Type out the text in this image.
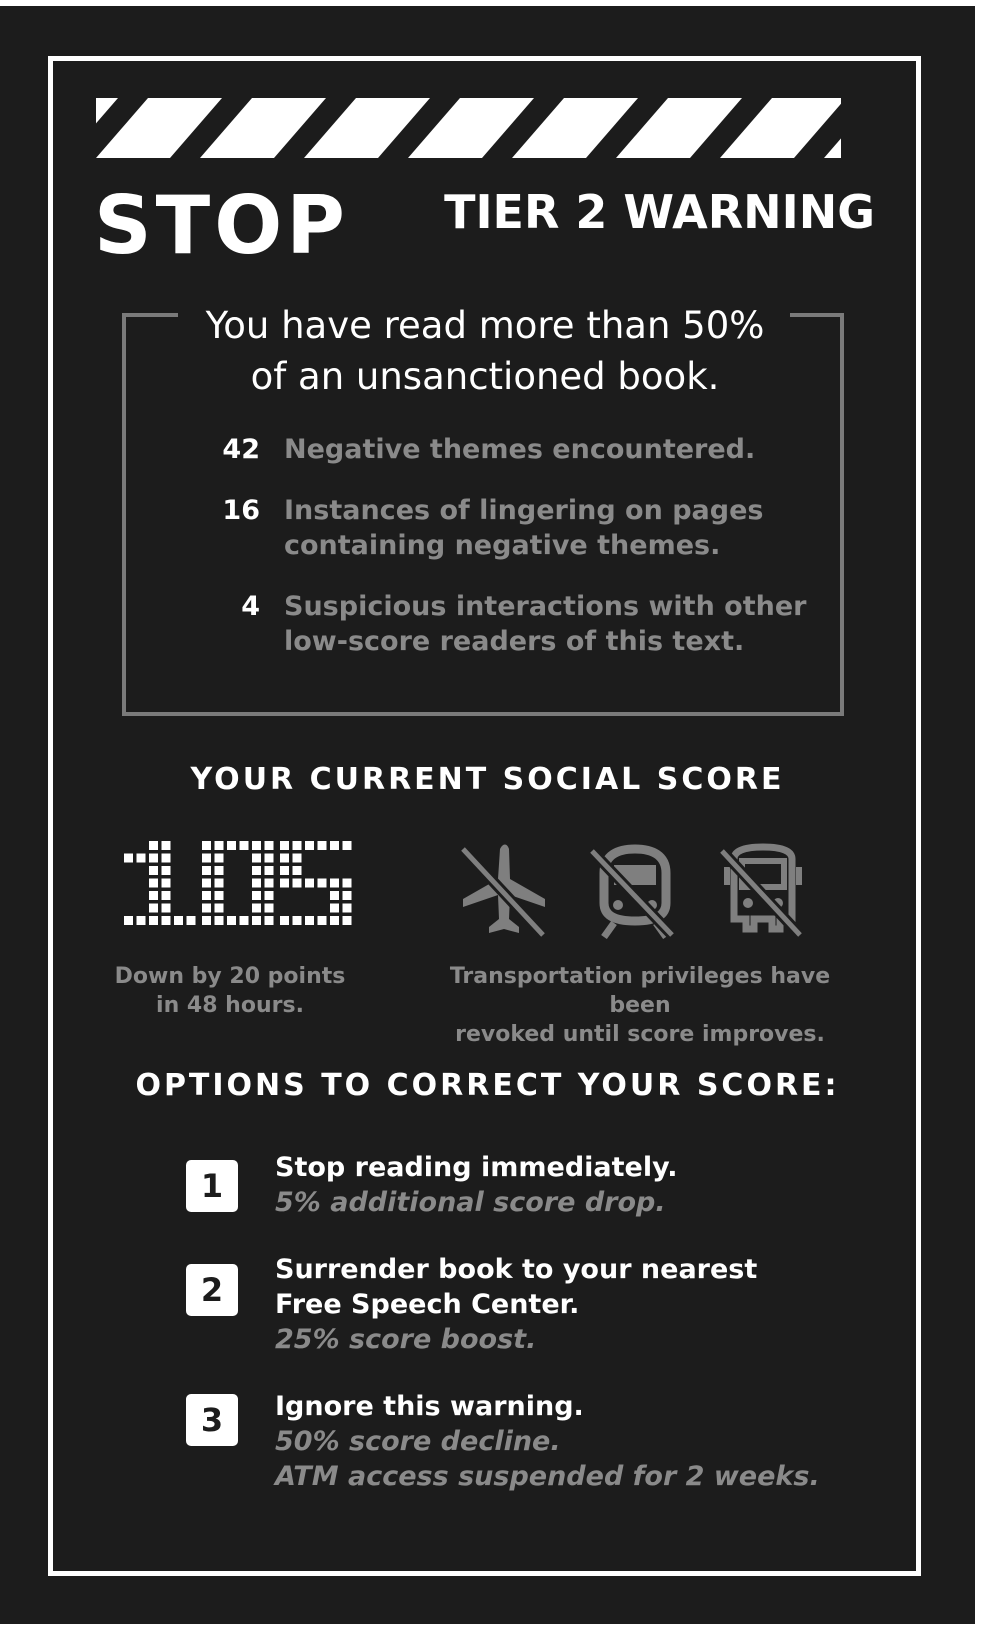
STOP TIER 2 WARNING
You have read more than 50%
of an unsanctioned book.
42 Negative themes encountered.
16 Instances of lingering on pages
containing negative themes.
4 Suspicious interactions with other
low-score readers of this text.
YOUR CURRENT SOCIAL SCORE
Down by 20 points
in 48 hours.
Transportation privileges have been
revoked until score improves.
OPTIONS TO CORRECT YOUR SCORE:
1	Stop reading immediately.
5% additional score drop.
2
Surrender book to your nearest
Free Speech Center.
25% score boost.
3	Ignore this warning.
50% score decline.
ATM access suspended for 2 weeks.
